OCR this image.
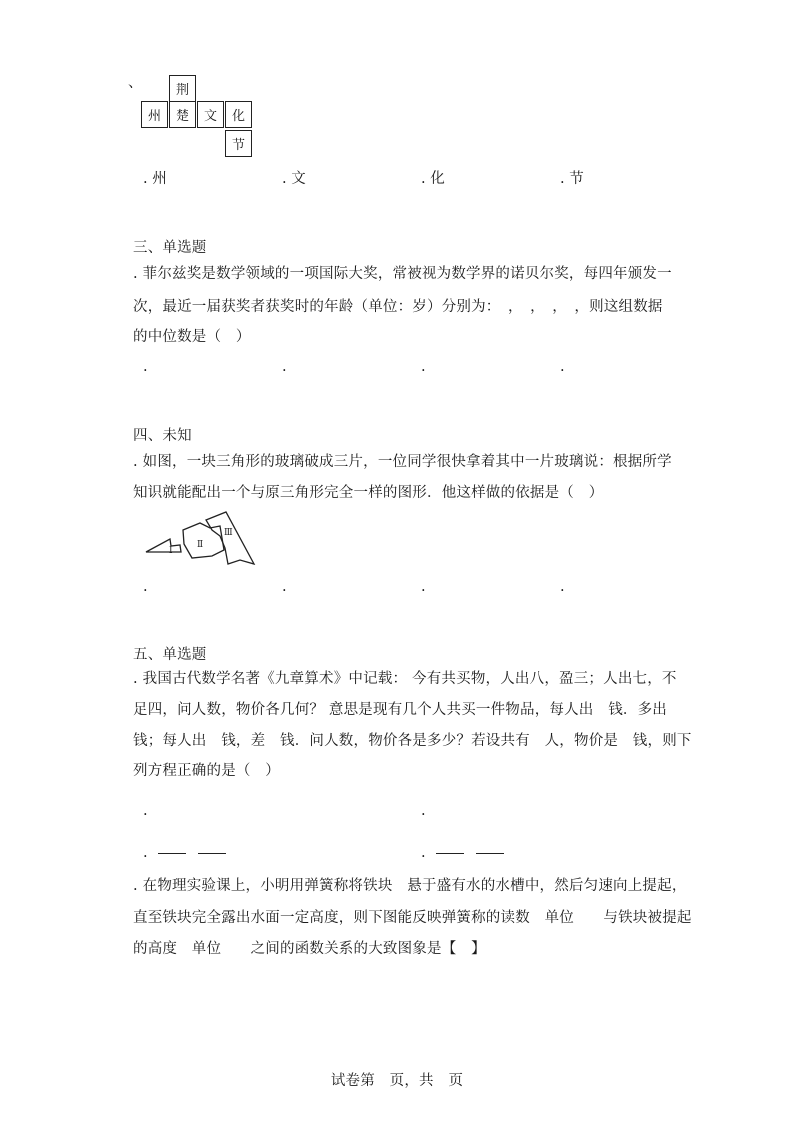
、	荆
州	楚	文	化
节
. 州	. 文	. 化	. 节
三、单选题
. 菲尔兹奖是数学领域的一项国际大奖，常被视为数学界的诺贝尔奖，每四年颁发一
次，最近一届获奖者获奖时的年龄（单位：岁）分别为：　，　，　，　，则这组数据
的中位数是（　）
.	.	.	.
四、未知
. 如图，一块三角形的玻璃破成三片，一位同学很快拿着其中一片玻璃说：根据所学
知识就能配出一个与原三角形完全一样的图形．他这样做的依据是（　）
Ⅰ
Ⅱ
Ⅲ
.	.	.	.
五、单选题
. 我国古代数学名著《九章算术》中记载： 今有共买物，人出八，盈三；人出七，不
足四，问人数，物价各几何？ 意思是现有几个人共买一件物品，每人出　钱．多出
钱；每人出　钱，差　钱．问人数，物价各是多少？若设共有　人，物价是　钱，则下
列方程正确的是（　）
.	.
.	.
. 在物理实验课上，小明用弹簧称将铁块　悬于盛有水的水槽中，然后匀速向上提起，
直至铁块完全露出水面一定高度，则下图能反映弹簧称的读数　单位　　与铁块被提起
的高度　单位　　之间的函数关系的大致图象是【　】
试卷第　页，共　页
